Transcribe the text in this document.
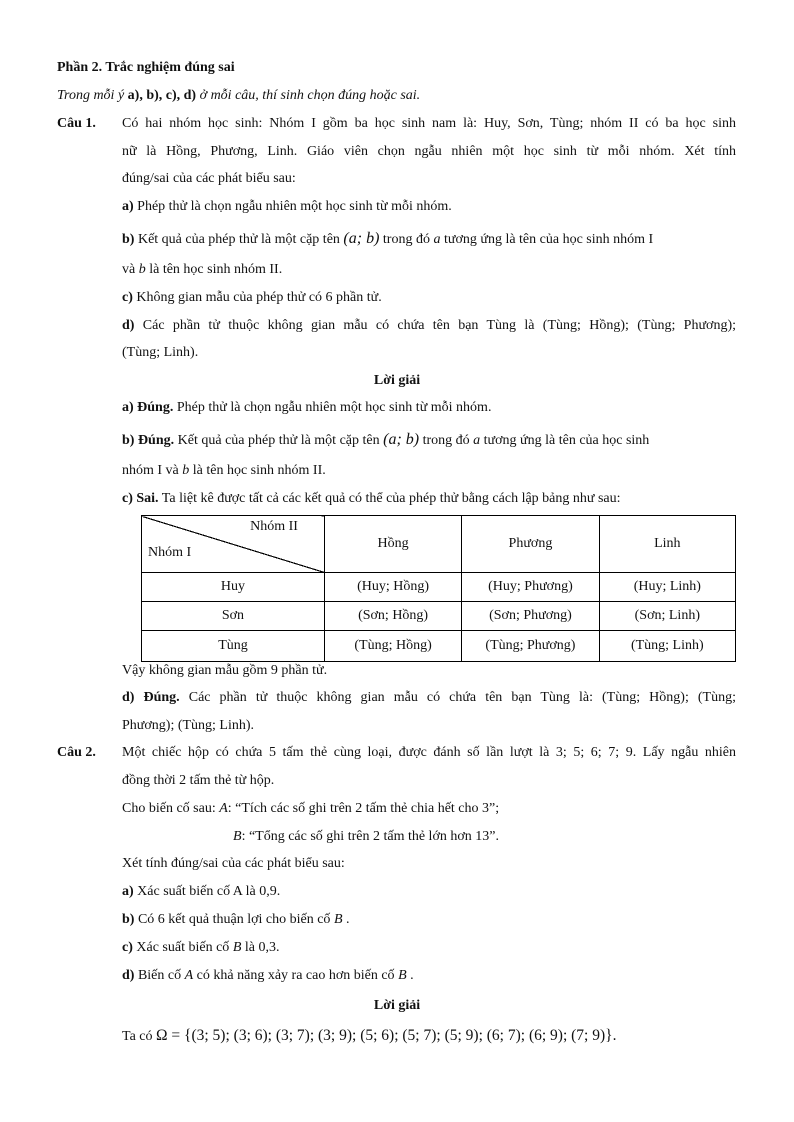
Phần 2. Trắc nghiệm đúng sai
Trong mỗi ý a), b), c), d) ở mỗi câu, thí sinh chọn đúng hoặc sai.
Câu 1. Có hai nhóm học sinh: Nhóm I gồm ba học sinh nam là: Huy, Sơn, Tùng; nhóm II có ba học sinh
nữ là Hồng, Phương, Linh. Giáo viên chọn ngẫu nhiên một học sinh từ mỗi nhóm. Xét tính
đúng/sai của các phát biểu sau:
a) Phép thử là chọn ngẫu nhiên một học sinh từ mỗi nhóm.
b) Kết quả của phép thử là một cặp tên (a; b) trong đó a tương ứng là tên của học sinh nhóm I
và b là tên học sinh nhóm II.
c) Không gian mẫu của phép thử có 6 phần tử.
d) Các phần tử thuộc không gian mẫu có chứa tên bạn Tùng là (Tùng; Hồng); (Tùng; Phương);
(Tùng; Linh).
Lời giải
a) Đúng. Phép thử là chọn ngẫu nhiên một học sinh từ mỗi nhóm.
b) Đúng. Kết quả của phép thử là một cặp tên (a; b) trong đó a tương ứng là tên của học sinh
nhóm I và b là tên học sinh nhóm II.
c) Sai. Ta liệt kê được tất cả các kết quả có thể của phép thử bằng cách lập bảng như sau:
Nhóm II
Nhóm I	Hồng	Phương	Linh
Huy	(Huy; Hồng)	(Huy; Phương)	(Huy; Linh)
Sơn	(Sơn; Hồng)	(Sơn; Phương)	(Sơn; Linh)
Tùng	(Tùng; Hồng)	(Tùng; Phương)	(Tùng; Linh)
Vậy không gian mẫu gồm 9 phần tử.
d) Đúng. Các phần tử thuộc không gian mẫu có chứa tên bạn Tùng là: (Tùng; Hồng); (Tùng;
Phương); (Tùng; Linh).
Câu 2. Một chiếc hộp có chứa 5 tấm thẻ cùng loại, được đánh số lần lượt là 3; 5; 6; 7; 9. Lấy ngẫu nhiên
đồng thời 2 tấm thẻ từ hộp.
Cho biến cố sau: A: “Tích các số ghi trên 2 tấm thẻ chia hết cho 3”;
B: “Tổng các số ghi trên 2 tấm thẻ lớn hơn 13”.
Xét tính đúng/sai của các phát biểu sau:
a) Xác suất biến cố A là 0,9.
b) Có 6 kết quả thuận lợi cho biến cố B .
c) Xác suất biến cố B là 0,3.
d) Biến cố A có khả năng xảy ra cao hơn biến cố B .
Lời giải
Ta có Ω = {(3; 5); (3; 6); (3; 7); (3; 9); (5; 6); (5; 7); (5; 9); (6; 7); (6; 9); (7; 9)}.
